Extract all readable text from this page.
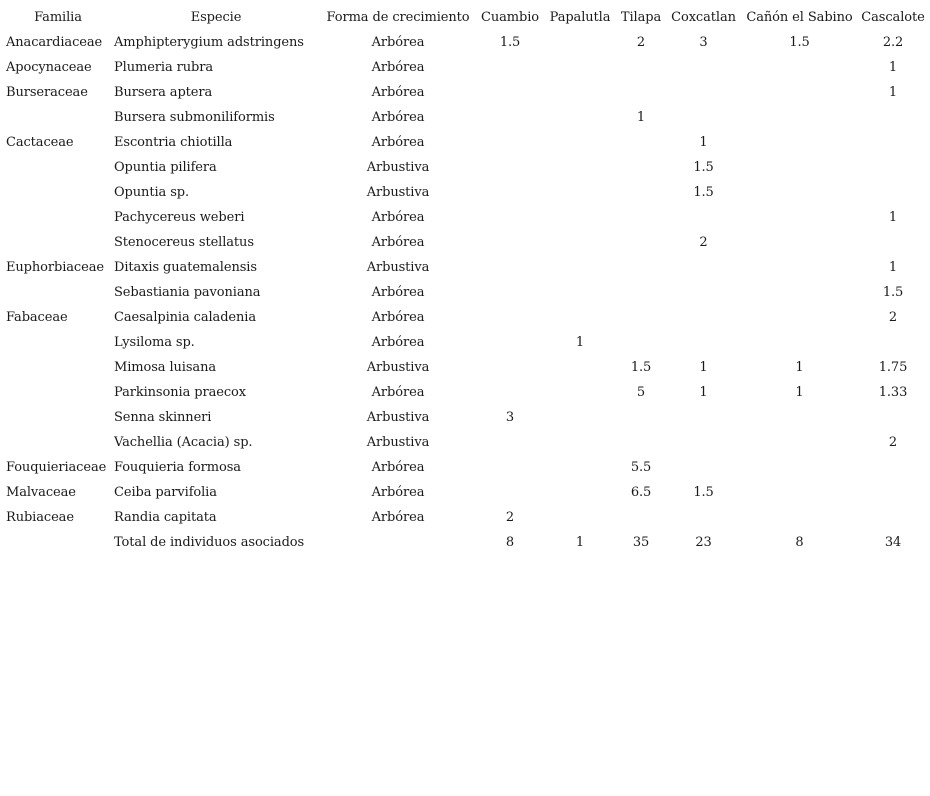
Familia	Especie	Forma de crecimiento	Cuambio	Papalutla	Tilapa	Coxcatlan	Cañón el Sabino	Cascalote
Anacardiaceae	Amphipterygium adstringens	Arbórea	1.5		2	3	1.5	2.2
Apocynaceae	Plumeria rubra	Arbórea						1
Burseraceae	Bursera aptera	Arbórea						1
	Bursera submoniliformis	Arbórea			1			
Cactaceae	Escontria chiotilla	Arbórea				1		
	Opuntia pilifera	Arbustiva				1.5		
	Opuntia sp.	Arbustiva				1.5		
	Pachycereus weberi	Arbórea						1
	Stenocereus stellatus	Arbórea				2		
Euphorbiaceae	Ditaxis guatemalensis	Arbustiva						1
	Sebastiania pavoniana	Arbórea						1.5
Fabaceae	Caesalpinia caladenia	Arbórea						2
	Lysiloma sp.	Arbórea		1				
	Mimosa luisana	Arbustiva			1.5	1	1	1.75
	Parkinsonia praecox	Arbórea			5	1	1	1.33
	Senna skinneri	Arbustiva	3					
	Vachellia (Acacia) sp.	Arbustiva						2
Fouquieriaceae	Fouquieria formosa	Arbórea			5.5			
Malvaceae	Ceiba parvifolia	Arbórea			6.5	1.5		
Rubiaceae	Randia capitata	Arbórea	2					
	Total de individuos asociados		8	1	35	23	8	34
